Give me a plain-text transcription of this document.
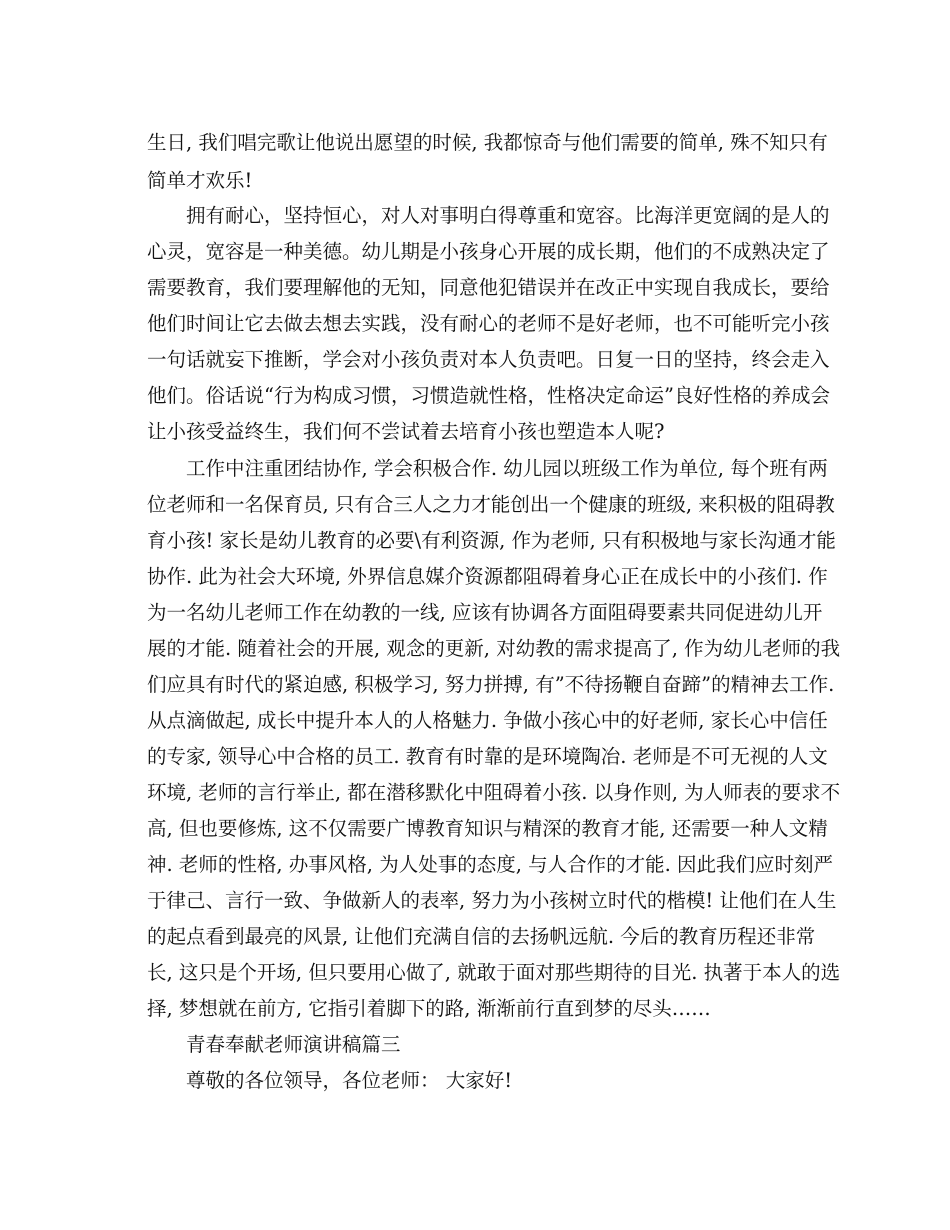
生日, 我们唱完歌让他说出愿望的时候, 我都惊奇与他们需要的简单, 殊不知只有
简单才欢乐!
拥有耐心，坚持恒心，对人对事明白得尊重和宽容。比海洋更宽阔的是人的
心灵，宽容是一种美德。幼儿期是小孩身心开展的成长期，他们的不成熟决定了
需要教育，我们要理解他的无知，同意他犯错误并在改正中实现自我成长，要给
他们时间让它去做去想去实践，没有耐心的老师不是好老师，也不可能听完小孩
一句话就妄下推断，学会对小孩负责对本人负责吧。日复一日的坚持，终会走入
他们。俗话说“行为构成习惯，习惯造就性格，性格决定命运”良好性格的养成会
让小孩受益终生，我们何不尝试着去培育小孩也塑造本人呢?
工作中注重团结协作, 学会积极合作. 幼儿园以班级工作为单位, 每个班有两
位老师和一名保育员, 只有合三人之力才能创出一个健康的班级, 来积极的阻碍教
育小孩! 家长是幼儿教育的必要\有利资源, 作为老师, 只有积极地与家长沟通才能
协作. 此为社会大环境, 外界信息媒介资源都阻碍着身心正在成长中的小孩们. 作
为一名幼儿老师工作在幼教的一线, 应该有协调各方面阻碍要素共同促进幼儿开
展的才能. 随着社会的开展, 观念的更新, 对幼教的需求提高了, 作为幼儿老师的我
们应具有时代的紧迫感, 积极学习, 努力拼搏, 有”不待扬鞭自奋蹄”的精神去工作.
从点滴做起, 成长中提升本人的人格魅力. 争做小孩心中的好老师, 家长心中信任
的专家, 领导心中合格的员工. 教育有时靠的是环境陶冶. 老师是不可无视的人文
环境, 老师的言行举止, 都在潜移默化中阻碍着小孩. 以身作则, 为人师表的要求不
高, 但也要修炼, 这不仅需要广博教育知识与精深的教育才能, 还需要一种人文精
神. 老师的性格, 办事风格, 为人处事的态度, 与人合作的才能. 因此我们应时刻严
于律己、言行一致、争做新人的表率, 努力为小孩树立时代的楷模! 让他们在人生
的起点看到最亮的风景, 让他们充满自信的去扬帆远航. 今后的教育历程还非常
长, 这只是个开场, 但只要用心做了, 就敢于面对那些期待的目光. 执著于本人的选
择, 梦想就在前方, 它指引着脚下的路, 渐渐前行直到梦的尽头……
青春奉献老师演讲稿篇三
尊敬的各位领导，各位老师： 大家好!
